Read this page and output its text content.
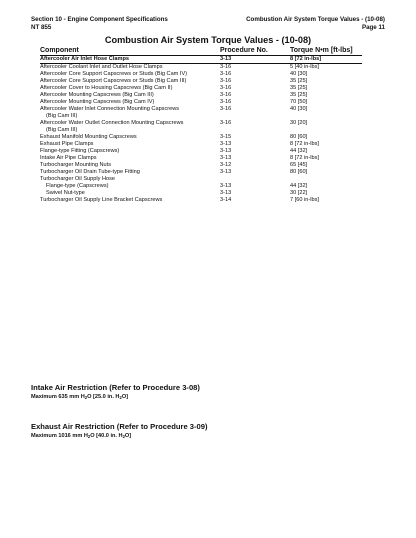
Section 10 - Engine Component Specifications
NT 855
Combustion Air System Torque Values - (10-08)
Page 11
Combustion Air System Torque Values - (10-08)
Component	Procedure No.	Torque N•m [ft-lbs]
Aftercooler Air Inlet Hose Clamps	3-13	8 [72 in-lbs]
Aftercooler Coolant Inlet and Outlet Hose Clamps	3-16	5 [40 in-lbs]
Aftercooler Core Support Capscrews or Studs (Big Cam IV)	3-16	40 [30]
Aftercooler Core Support Capscrews or Studs (Big Cam III)	3-16	35 [25]
Aftercooler Cover to Housing Capscrews (Big Cam II)	3-16	35 [25]
Aftercooler Mounting Capscrews (Big Cam III)	3-16	35 [25]
Aftercooler Mounting Capscrews (Big Cam IV)	3-16	70 [50]
Aftercooler Water Inlet Connection Mounting Capscrews	3-16	40 [30]
(Big Cam III)		
Aftercooler Water Outlet Connection Mounting Capscrews	3-16	30 [20]
(Big Cam III)		
Exhaust Manifold Mounting Capscrews	3-15	80 [60]
Exhaust Pipe Clamps	3-13	8 [72 in-lbs]
Flange-type Fitting (Capscrews)	3-13	44 [32]
Intake Air Pipe Clamps	3-13	8 [72 in-lbs]
Turbocharger Mounting Nuts	3-12	65 [45]
Turbocharger Oil Drain Tube-type Fitting	3-13	80 [60]
Turbocharger Oil Supply Hose		
Flange-type (Capscrews)	3-13	44 [32]
Swivel Nut-type	3-13	30 [22]
Turbocharger Oil Supply Line Bracket Capscrews	3-14	7 [60 in-lbs]
Intake Air Restriction (Refer to Procedure 3-08)
Maximum 635 mm $H_2O$ [25.0 in. $H_2O$]
Exhaust Air Restriction (Refer to Procedure 3-09)
Maximum 1016 mm $H_2O$ [40.0 in. $H_2O$]
